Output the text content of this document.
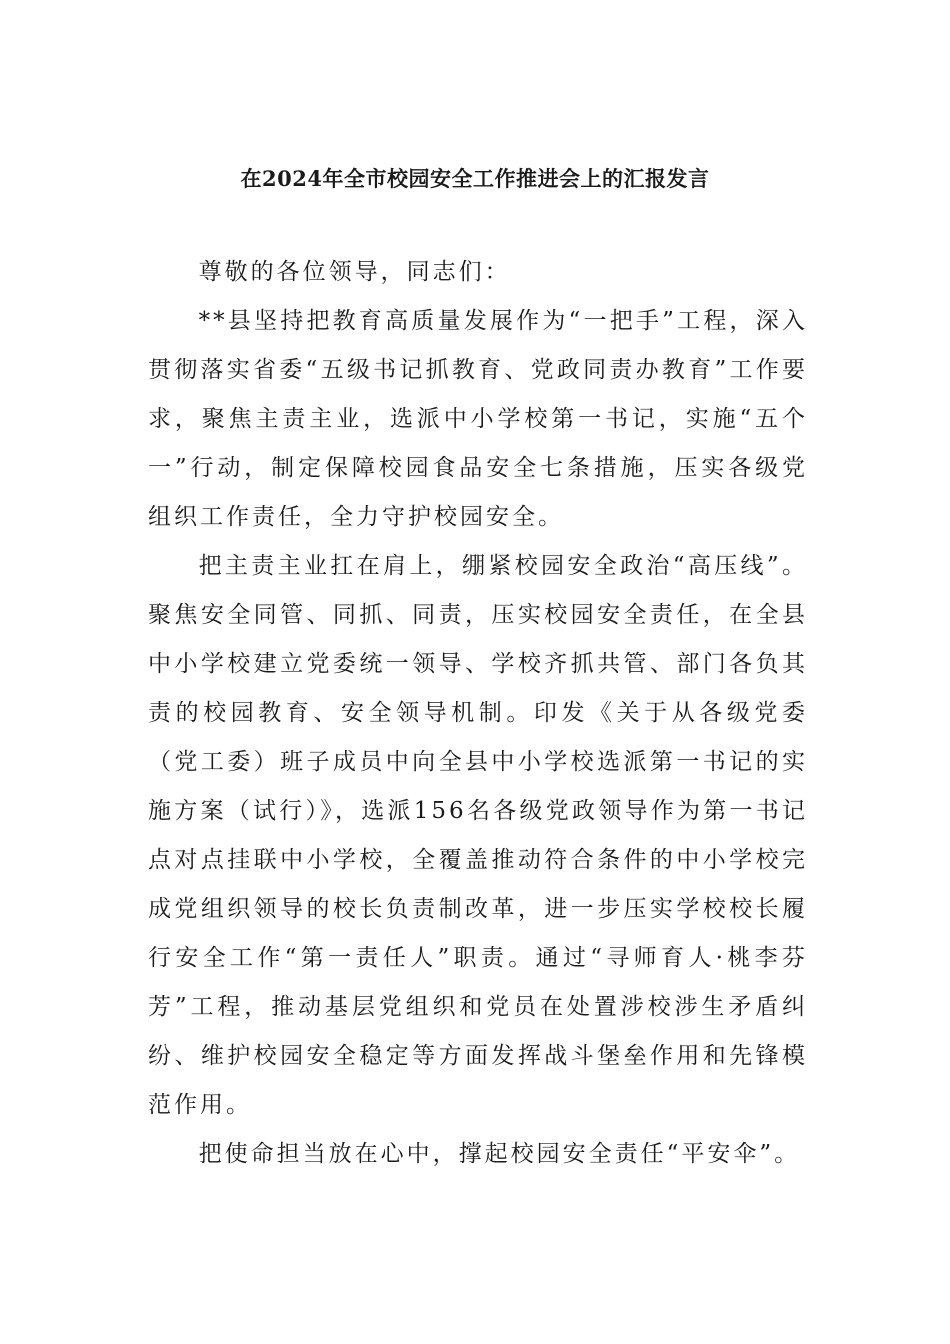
在2024年全市校园安全工作推进会上的汇报发言

尊敬的各位领导，同志们：

**县坚持把教育高质量发展作为“一把手”工程，深入贯彻落实省委“五级书记抓教育、党政同责办教育”工作要求，聚焦主责主业，选派中小学校第一书记，实施“五个一”行动，制定保障校园食品安全七条措施，压实各级党组织工作责任，全力守护校园安全。

把主责主业扛在肩上，绷紧校园安全政治“高压线”。聚焦安全同管、同抓、同责，压实校园安全责任，在全县中小学校建立党委统一领导、学校齐抓共管、部门各负其责的校园教育、安全领导机制。印发《关于从各级党委（党工委）班子成员中向全县中小学校选派第一书记的实施方案（试行）》，选派156名各级党政领导作为第一书记点对点挂联中小学校，全覆盖推动符合条件的中小学校完成党组织领导的校长负责制改革，进一步压实学校校长履行安全工作“第一责任人”职责。通过“寻师育人·桃李芬芳”工程，推动基层党组织和党员在处置涉校涉生矛盾纠纷、维护校园安全稳定等方面发挥战斗堡垒作用和先锋模范作用。

把使命担当放在心中，撑起校园安全责任“平安伞”。
